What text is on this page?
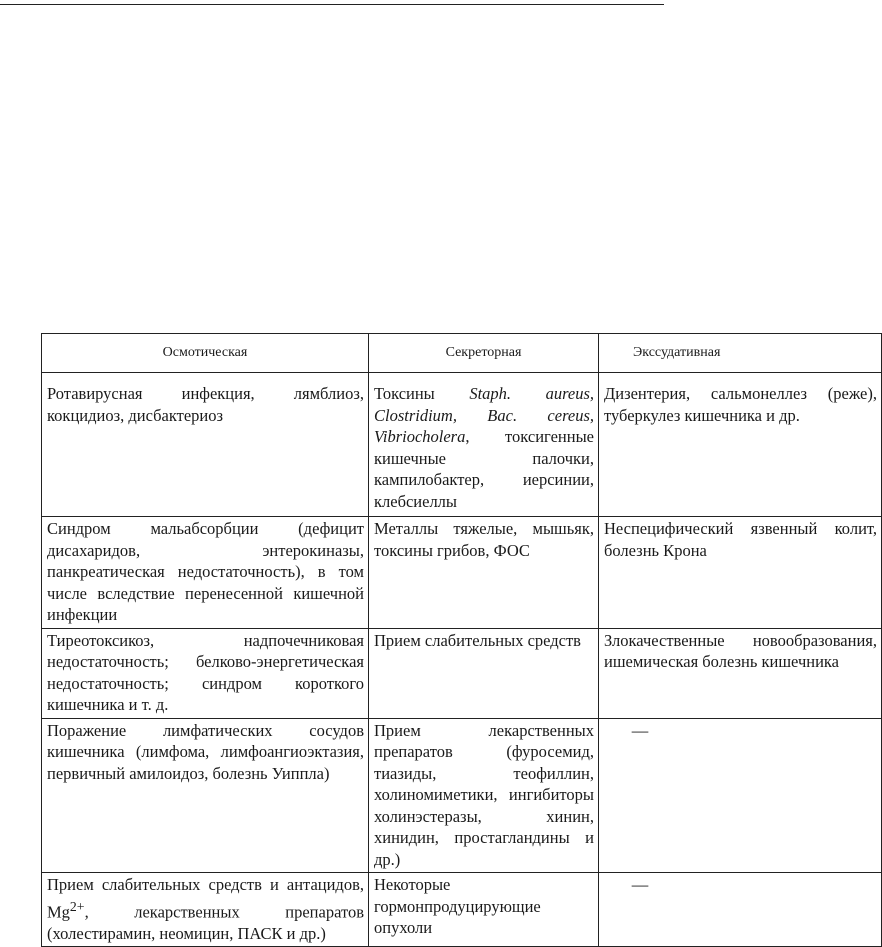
Осмотическая	Секреторная	Экссудативная
Ротавирусная инфекция, лямблиоз, кокцидиоз, дисбактериоз	Токсины Staph. aureus, Clostridium, Bac. cereus, Vibriocholera, токсигенные кишечные палочки, кампилобактер, иерсинии, клебсиеллы	Дизентерия, сальмонеллез (реже), туберкулез кишечника и др.
Синдром мальабсорбции (дефицит дисахаридов, энтерокиназы, панкреатическая недостаточность), в том числе вследствие перенесенной кишечной инфекции	Металлы тяжелые, мышьяк, токсины грибов, ФОС	Неспецифический язвенный колит, болезнь Крона
Тиреотоксикоз, надпочечниковая недостаточность; белково-энергетическая недостаточность; синдром короткого кишечника и т. д.	Прием слабительных средств	Злокачественные новообразования, ишемическая болезнь кишечника
Поражение лимфатических сосудов кишечника (лимфома, лимфоангиоэктазия, первичный амилоидоз, болезнь Уиппла)	Прием лекарственных препаратов (фуросемид, тиазиды, теофиллин, холиномиметики, ингибиторы холинэстеразы, хинин, хинидин, простагландины и др.)	—
Прием слабительных средств и антацидов, $Mg^{2+}$, лекарственных препаратов (холестирамин, неомицин, ПАСК и др.)	Некоторые гормонпродуцирующие опухоли	—
